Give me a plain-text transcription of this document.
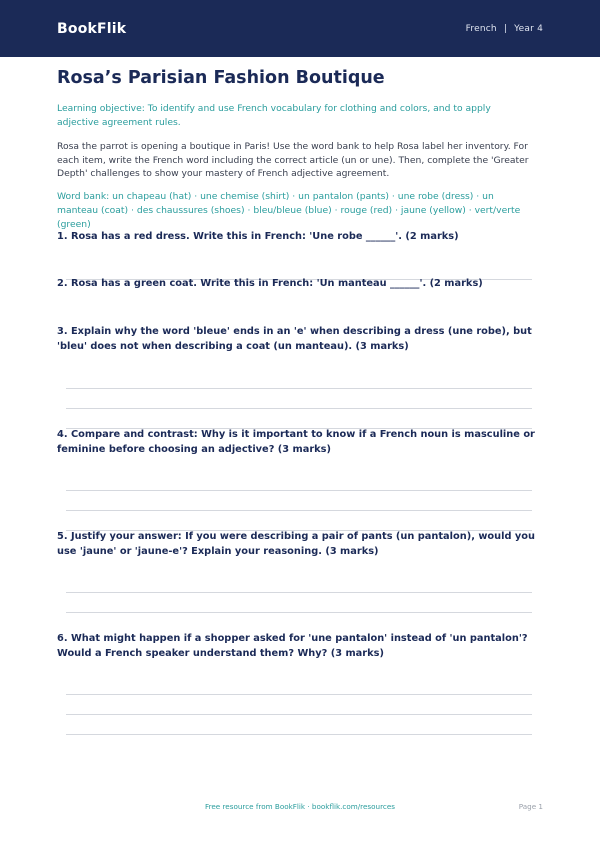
BookFlik	French | Year 4
Rosa’s Parisian Fashion Boutique

Learning objective: To identify and use French vocabulary for clothing and colors, and to apply adjective agreement rules.

Rosa the parrot is opening a boutique in Paris! Use the word bank to help Rosa label her inventory. For each item, write the French word including the correct article (un or une). Then, complete the 'Greater Depth' challenges to show your mastery of French adjective agreement.

Word bank: un chapeau (hat) · une chemise (shirt) · un pantalon (pants) · une robe (dress) · un manteau (coat) · des chaussures (shoes) · bleu/bleue (blue) · rouge (red) · jaune (yellow) · vert/verte (green)

1. Rosa has a red dress. Write this in French: 'Une robe ______'. (2 marks)

2. Rosa has a green coat. Write this in French: 'Un manteau ______'. (2 marks)

3. Explain why the word 'bleue' ends in an 'e' when describing a dress (une robe), but 'bleu' does not when describing a coat (un manteau). (3 marks)

4. Compare and contrast: Why is it important to know if a French noun is masculine or feminine before choosing an adjective? (3 marks)

5. Justify your answer: If you were describing a pair of pants (un pantalon), would you use 'jaune' or 'jaune-e'? Explain your reasoning. (3 marks)

6. What might happen if a shopper asked for 'une pantalon' instead of 'un pantalon'? Would a French speaker understand them? Why? (3 marks)

Free resource from BookFlik · bookflik.com/resources	Page 1
